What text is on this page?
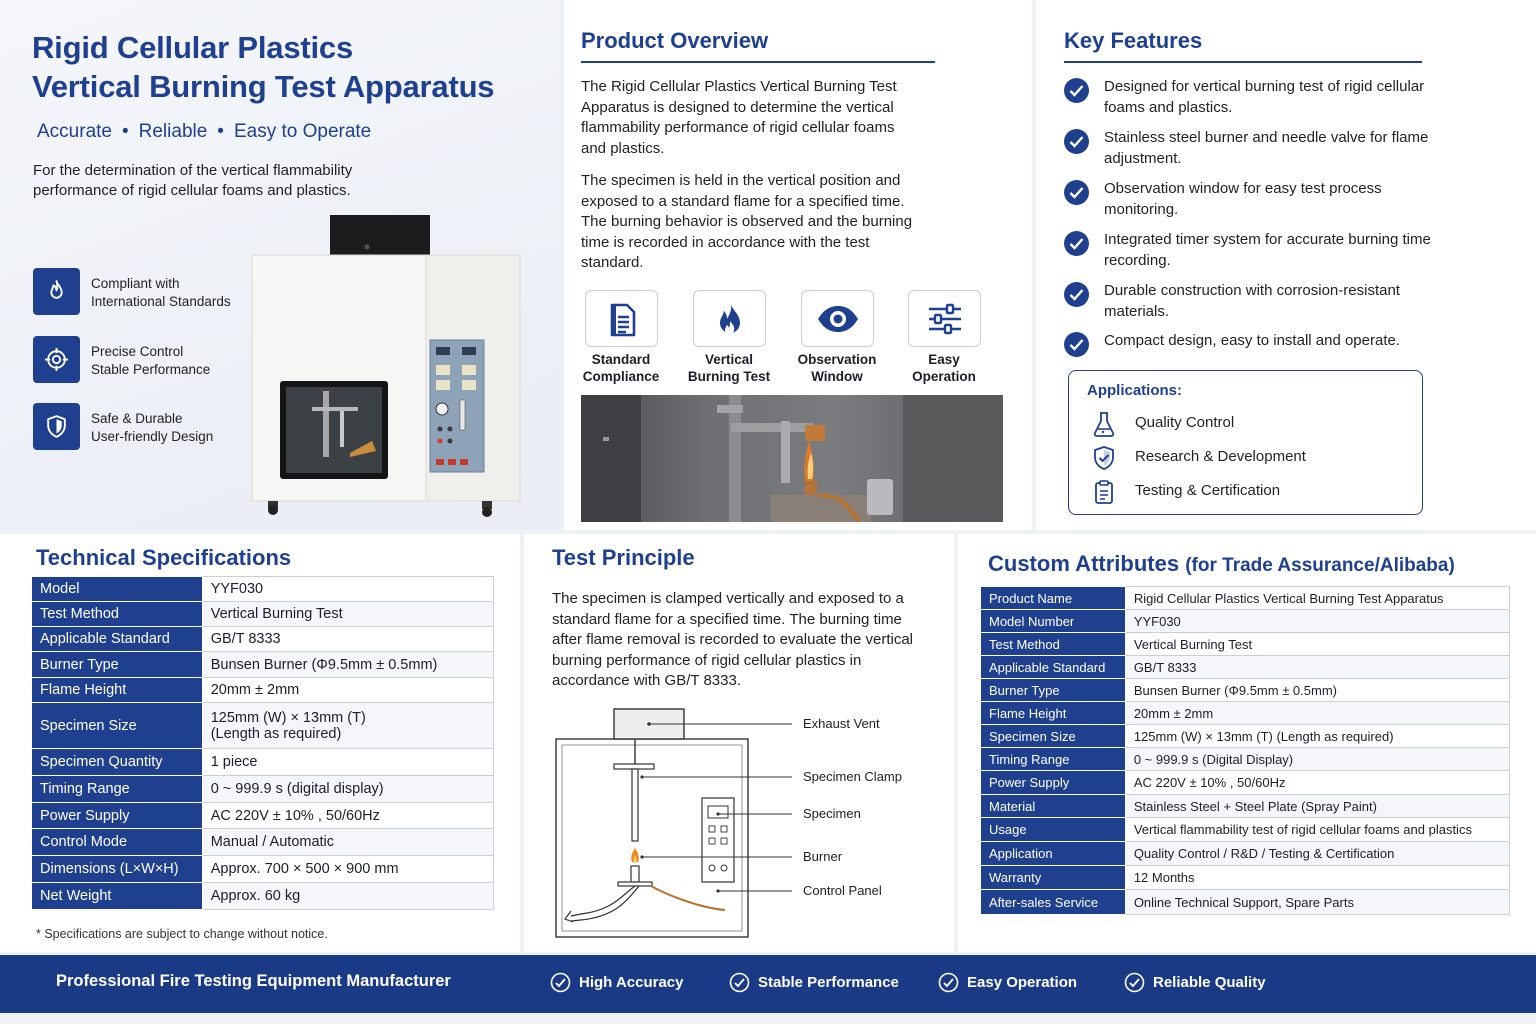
Rigid Cellular Plastics
Vertical Burning Test Apparatus
Accurate • Reliable • Easy to Operate
For the determination of the vertical flammability performance of rigid cellular foams and plastics.
Compliant with
International Standards
Precise Control
Stable Performance
Safe & Durable
User-friendly Design
Product Overview

The Rigid Cellular Plastics Vertical Burning Test Apparatus is designed to determine the vertical flammability performance of rigid cellular foams and plastics.

The specimen is held in the vertical position and exposed to a standard flame for a specified time. The burning behavior is observed and the burning time is recorded in accordance with the test standard.

Standard
Compliance
Vertical
Burning Test
Observation
Window
Easy
Operation
Key Features
Designed for vertical burning test of rigid cellular foams and plastics.
Stainless steel burner and needle valve for flame adjustment.
Observation window for easy test process monitoring.
Integrated timer system for accurate burning time recording.
Durable construction with corrosion-resistant materials.
Compact design, easy to install and operate.
Applications:
Quality Control
Research & Development
Testing & Certification
Technical Specifications
Model	YYF030
Test Method	Vertical Burning Test
Applicable Standard	GB/T 8333
Burner Type	Bunsen Burner (Φ9.5mm ± 0.5mm)
Flame Height	20mm ± 2mm
Specimen Size	125mm (W) × 13mm (T)
(Length as required)
Specimen Quantity	1 piece
Timing Range	0 ~ 999.9 s (digital display)
Power Supply	AC 220V ± 10% , 50/60Hz
Control Mode	Manual / Automatic
Dimensions (L×W×H)	Approx. 700 × 500 × 900 mm
Net Weight	Approx. 60 kg
* Specifications are subject to change without notice.
Test Principle

The specimen is clamped vertically and exposed to a standard flame for a specified time. The burning time after flame removal is recorded to evaluate the vertical burning performance of rigid cellular plastics in accordance with GB/T 8333.

Exhaust Vent
Specimen Clamp
Specimen
Burner
Control Panel
Custom Attributes (for Trade Assurance/Alibaba)
Product Name	Rigid Cellular Plastics Vertical Burning Test Apparatus
Model Number	YYF030
Test Method	Vertical Burning Test
Applicable Standard	GB/T 8333
Burner Type	Bunsen Burner (Φ9.5mm ± 0.5mm)
Flame Height	20mm ± 2mm
Specimen Size	125mm (W) × 13mm (T) (Length as required)
Timing Range	0 ~ 999.9 s (Digital Display)
Power Supply	AC 220V ± 10% , 50/60Hz
Material	Stainless Steel + Steel Plate (Spray Paint)
Usage	Vertical flammability test of rigid cellular foams and plastics
Application	Quality Control / R&D / Testing & Certification
Warranty	12 Months
After-sales Service	Online Technical Support, Spare Parts
Professional Fire Testing Equipment Manufacturer	High Accuracy	Stable Performance	Easy Operation	Reliable Quality
